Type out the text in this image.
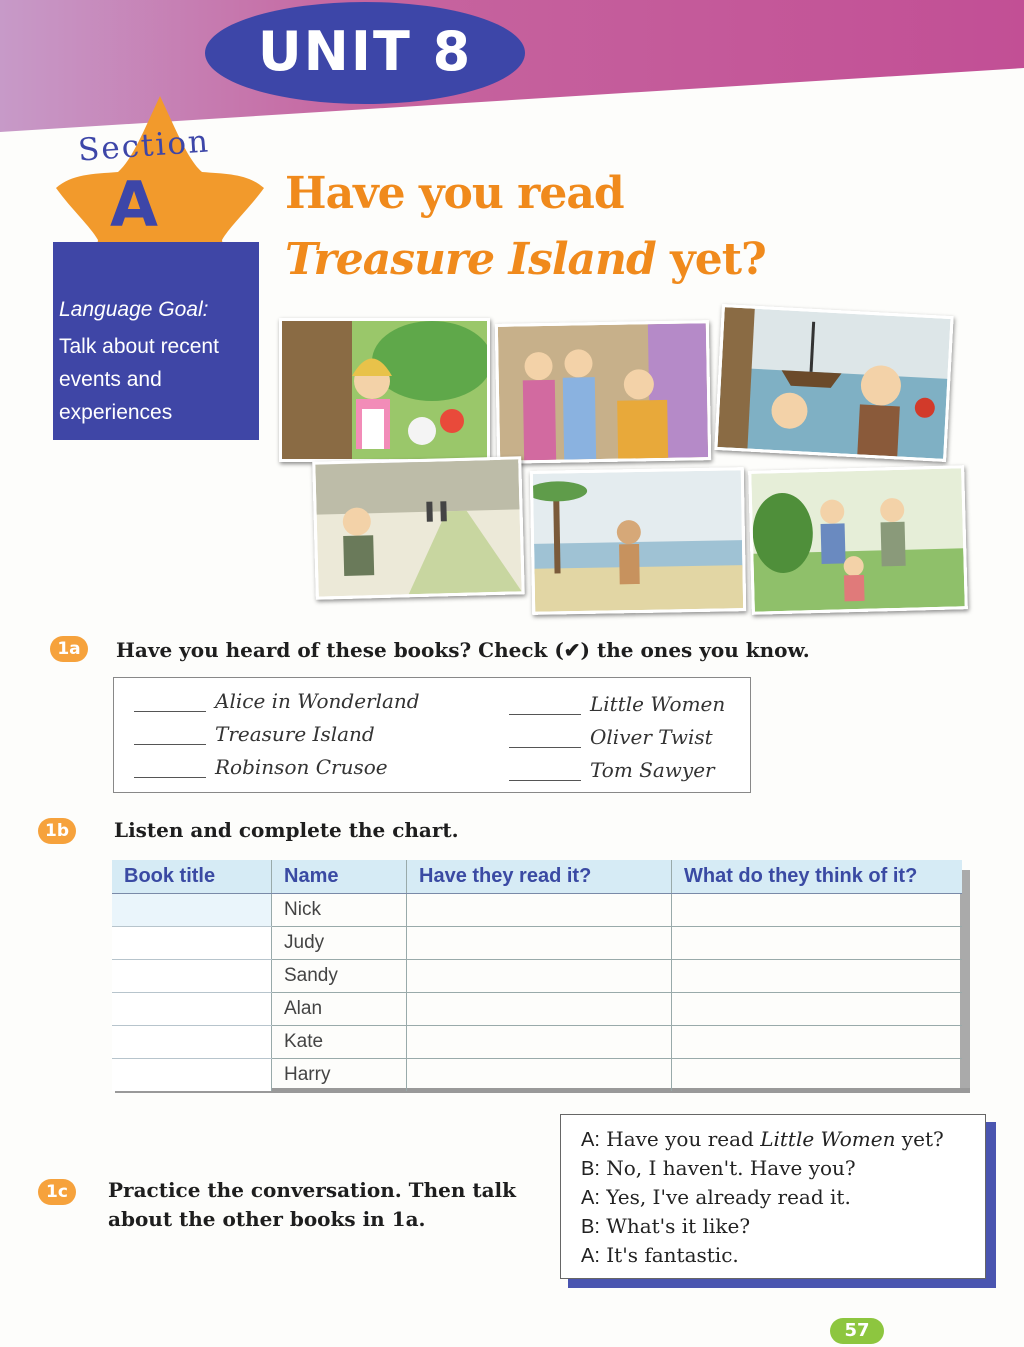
UNIT 8
Section
A
Language Goal:
Talk about recent events and experiences
Have you read
Treasure Island yet?
1a	Have you heard of these books? Check (✔) the ones you know.
Alice in Wonderland
Treasure Island
Robinson Crusoe
Little Women
Oliver Twist
Tom Sawyer
1b	Listen and complete the chart.
Book title	Name	Have they read it?	What do they think of it?
	Nick		
	Judy		
	Sandy		
	Alan		
	Kate		
	Harry		
1c	Practice the conversation. Then talk
about the other books in 1a.
A: Have you read Little Women yet?
B: No, I haven't. Have you?
A: Yes, I've already read it.
B: What's it like?
A: It's fantastic.
57
